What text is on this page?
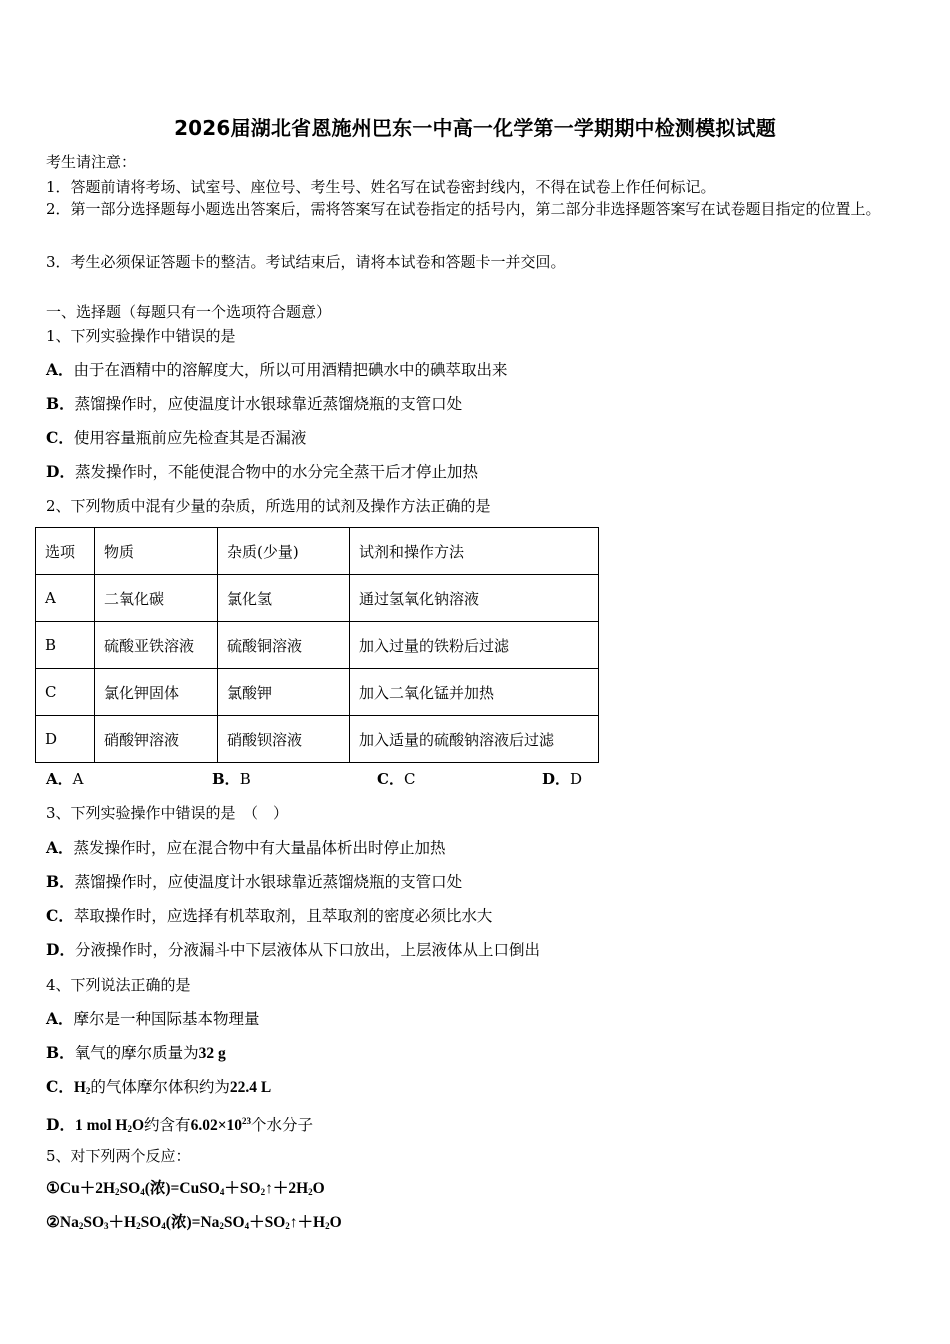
2026届湖北省恩施州巴东一中高一化学第一学期期中检测模拟试题
考生请注意：
1．答题前请将考场、试室号、座位号、考生号、姓名写在试卷密封线内，不得在试卷上作任何标记。
2．第一部分选择题每小题选出答案后，需将答案写在试卷指定的括号内，第二部分非选择题答案写在试卷题目指定的位置上。
3．考生必须保证答题卡的整洁。考试结束后，请将本试卷和答题卡一并交回。
一、选择题（每题只有一个选项符合题意）
1、下列实验操作中错误的是
A．由于在酒精中的溶解度大，所以可用酒精把碘水中的碘萃取出来
B．蒸馏操作时，应使温度计水银球靠近蒸馏烧瓶的支管口处
C．使用容量瓶前应先检查其是否漏液
D．蒸发操作时，不能使混合物中的水分完全蒸干后才停止加热
2、下列物质中混有少量的杂质，所选用的试剂及操作方法正确的是
选项	物质	杂质(少量)	试剂和操作方法
A	二氧化碳	氯化氢	通过氢氧化钠溶液
B	硫酸亚铁溶液	硫酸铜溶液	加入过量的铁粉后过滤
C	氯化钾固体	氯酸钾	加入二氧化锰并加热
D	硝酸钾溶液	硝酸钡溶液	加入适量的硫酸钠溶液后过滤
A．A	B．B	C．C	D．D
3、下列实验操作中错误的是　（　）
A．蒸发操作时，应在混合物中有大量晶体析出时停止加热
B．蒸馏操作时，应使温度计水银球靠近蒸馏烧瓶的支管口处
C．萃取操作时，应选择有机萃取剂，且萃取剂的密度必须比水大
D．分液操作时，分液漏斗中下层液体从下口放出，上层液体从上口倒出
4、下列说法正确的是
A．摩尔是一种国际基本物理量
B．氧气的摩尔质量为32 g
C．$H_2$的气体摩尔体积约为22.4 L
D．1 mol $H_2O$约含有$6.02\times 10^{23}$个水分子
5、对下列两个反应：
$①Cu+2H_2SO_4$(浓)$=CuSO_4+SO_2↑+2H_2O$
$②Na_2SO_3+H_2SO_4$(浓)$=Na_2SO_4+SO_2↑+H_2O$
